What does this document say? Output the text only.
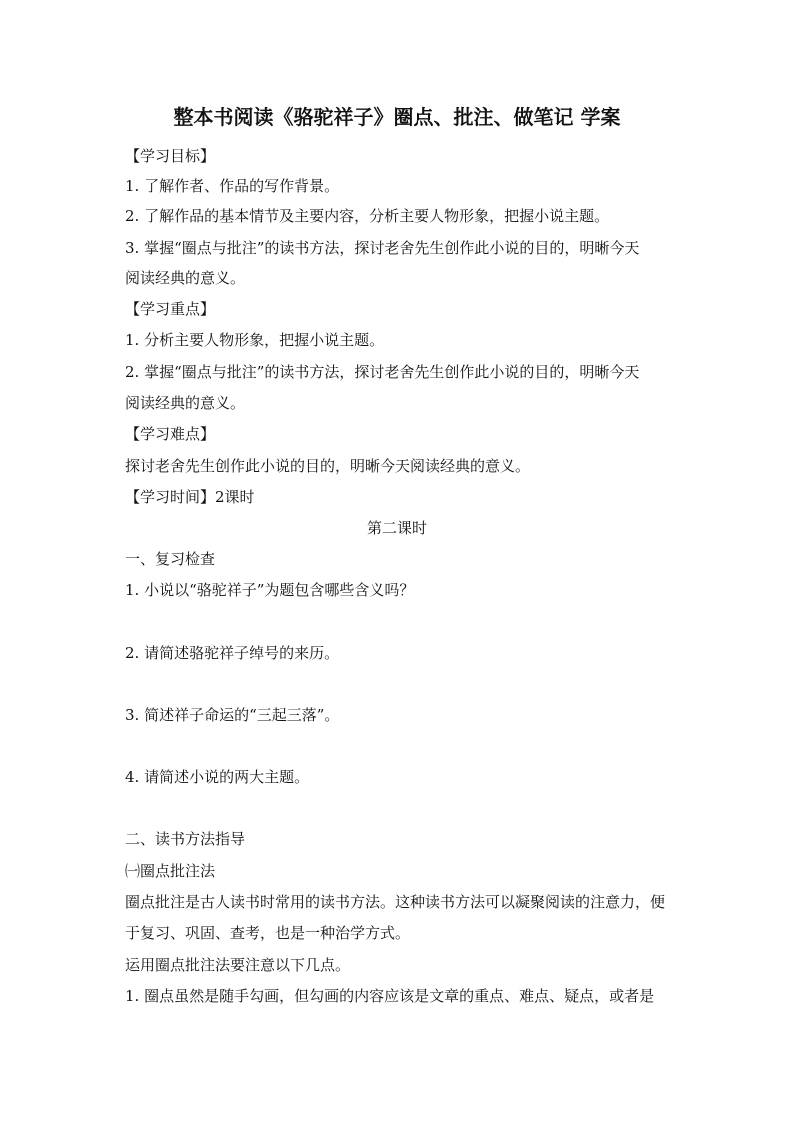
整本书阅读《骆驼祥子》圈点、批注、做笔记 学案
【学习目标】
1. 了解作者、作品的写作背景。
2. 了解作品的基本情节及主要内容，分析主要人物形象，把握小说主题。
3. 掌握“圈点与批注”的读书方法，探讨老舍先生创作此小说的目的，明晰今天
阅读经典的意义。
【学习重点】
1. 分析主要人物形象，把握小说主题。
2. 掌握“圈点与批注”的读书方法，探讨老舍先生创作此小说的目的，明晰今天
阅读经典的意义。
【学习难点】
探讨老舍先生创作此小说的目的，明晰今天阅读经典的意义。
【学习时间】2课时
第二课时
一、复习检查
1. 小说以“骆驼祥子”为题包含哪些含义吗？
2. 请简述骆驼祥子绰号的来历。
3. 简述祥子命运的“三起三落”。
4. 请简述小说的两大主题。
二、读书方法指导
㈠圈点批注法
圈点批注是古人读书时常用的读书方法。这种读书方法可以凝聚阅读的注意力，便
于复习、巩固、查考，也是一种治学方式。
运用圈点批注法要注意以下几点。
1. 圈点虽然是随手勾画，但勾画的内容应该是文章的重点、难点、疑点，或者是
